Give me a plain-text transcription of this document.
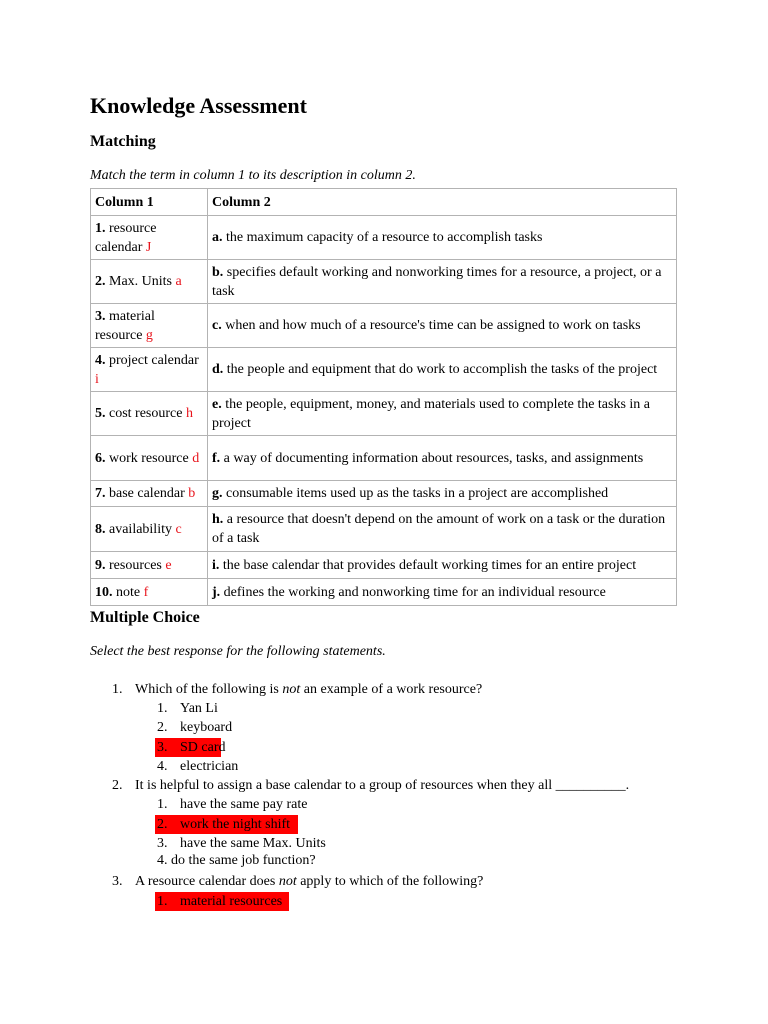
Knowledge Assessment
Matching

Match the term in column 1 to its description in column 2.

Column 1	Column 2
1. resource calendar J	a. the maximum capacity of a resource to accomplish tasks
2. Max. Units a	b. specifies default working and nonworking times for a resource, a project, or a task
3. material resource g	c. when and how much of a resource's time can be assigned to work on tasks
4. project calendar i	d. the people and equipment that do work to accomplish the tasks of the project
5. cost resource h	e. the people, equipment, money, and materials used to complete the tasks in a project
6. work resource d	f. a way of documenting information about resources, tasks, and assignments
7. base calendar b	g. consumable items used up as the tasks in a project are accomplished
8. availability c	h. a resource that doesn't depend on the amount of work on a task or the duration of a task
9. resources e	i. the base calendar that provides default working times for an entire project
10. note f	j. defines the working and nonworking time for an individual resource
Multiple Choice

Select the best response for the following statements.

1. Which of the following is not an example of a work resource?
1. Yan Li
2. keyboard
3. SD card
4. electrician
2. It is helpful to assign a base calendar to a group of resources when they all __________.
1. have the same pay rate
2. work the night shift
3. have the same Max. Units
4. do the same job function?
3. A resource calendar does not apply to which of the following?
1. material resources
